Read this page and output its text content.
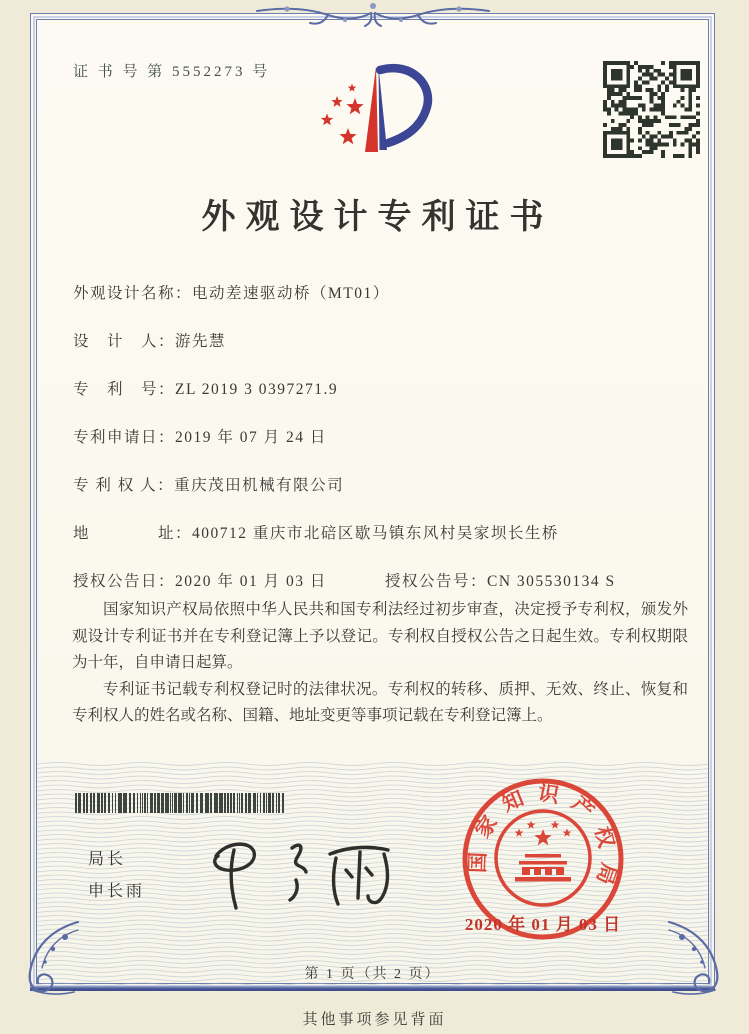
证 书 号 第 5552273 号
外观设计专利证书
外观设计名称：电动差速驱动桥（MT01）
设　计　人：游先慧
专　利　号：ZL 2019 3 0397271.9
专利申请日：2019 年 07 月 24 日
专 利 权 人：重庆茂田机械有限公司
地　　　　址：400712 重庆市北碚区歇马镇东风村吴家坝长生桥
授权公告日：2020 年 01 月 03 日	授权公告号：CN 305530134 S

国家知识产权局依照中华人民共和国专利法经过初步审查，决定授予专利权，颁发外观设计专利证书并在专利登记簿上予以登记。专利权自授权公告之日起生效。专利权期限为十年，自申请日起算。

专利证书记载专利权登记时的法律状况。专利权的转移、质押、无效、终止、恢复和专利权人的姓名或名称、国籍、地址变更等事项记载在专利登记簿上。

局长
申长雨
国家知识产权局
2020 年 01 月 03 日
第 1 页（共 2 页）
其他事项参见背面
